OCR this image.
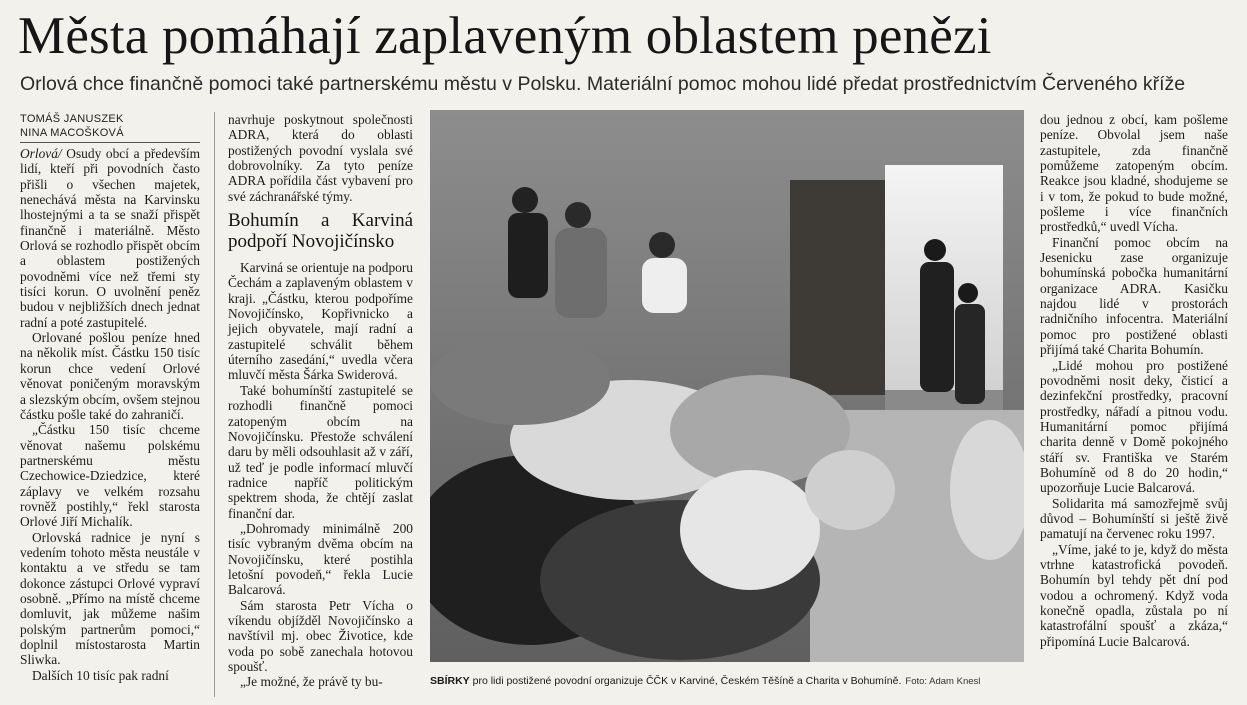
Města pomáhají zaplaveným oblastem penězi
Orlová chce finančně pomoci také partnerskému městu v Polsku. Materiální pomoc mohou lidé předat prostřednictvím Červeného kříže
TOMÁŠ JANUSZEK
NINA MACOŠKOVÁ

Orlová/ Osudy obcí a především lidí, kteří při povodních často přišli o všechen majetek, nenechává města na Karvinsku lhostejnými a ta se snaží přispět finančně i materiálně. Město Orlová se rozhodlo přispět obcím a oblastem postižených povodněmi více než třemi sty tisíci korun. O uvolnění peněz budou v nejbližších dnech jednat radní a poté zastupitelé.

Orlované pošlou peníze hned na několik míst. Částku 150 tisíc korun chce vedení Orlové věnovat poničeným moravským a slezským obcím, ovšem stejnou částku pošle také do zahraničí.

„Částku 150 tisíc chceme věnovat našemu polskému partnerskému městu Czechowice-Dziedzice, které záplavy ve velkém rozsahu rovněž postihly,“ řekl starosta Orlové Jiří Michalík.

Orlovská radnice je nyní s vedením tohoto města neustále v kontaktu a ve středu se tam dokonce zástupci Orlové vypraví osobně. „Přímo na místě chceme domluvit, jak můžeme našim polským partnerům pomoci,“ doplnil místostarosta Martin Sliwka.

Dalších 10 tisíc pak radní

navrhuje poskytnout společnosti ADRA, která do oblasti postižených povodní vyslala své dobrovolníky. Za tyto peníze ADRA pořídila část vybavení pro své záchranářské týmy.

Bohumín a Karviná podpoří Novojičínsko

Karviná se orientuje na podporu Čechám a zaplaveným oblastem v kraji. „Částku, kterou podpoříme Novojičínsko, Kopřivnicko a jejich obyvatele, mají radní a zastupitelé schválit během úterního zasedání,“ uvedla včera mluvčí města Šárka Swiderová.

Také bohumínští zastupitelé se rozhodli finančně pomoci zatopeným obcím na Novojičínsku. Přestože schválení daru by měli odsouhlasit až v září, už teď je podle informací mluvčí radnice napříč politickým spektrem shoda, že chtějí zaslat finanční dar.

„Dohromady minimálně 200 tisíc vybraným dvěma obcím na Novojičínsku, které postihla letošní povodeň,“ řekla Lucie Balcarová.

Sám starosta Petr Vícha o víkendu objížděl Novojičínsko a navštívil mj. obec Životice, kde voda po sobě zanechala hotovou spoušť.

„Je možné, že právě ty bu-	SBÍRKY pro lidi postižené povodní organizuje ČČK v Karviné, Českém Těšíně a Charita v Bohumíně. Foto: Adam Knesl

dou jednou z obcí, kam pošleme peníze. Obvolal jsem naše zastupitele, zda finančně pomůžeme zatopeným obcím. Reakce jsou kladné, shodujeme se i v tom, že pokud to bude možné, pošleme i více finančních prostředků,“ uvedl Vícha.

Finanční pomoc obcím na Jesenicku zase organizuje bohumínská pobočka humanitární organizace ADRA. Kasičku najdou lidé v prostorách radničního infocentra. Materiální pomoc pro postižené oblasti přijímá také Charita Bohumín.

„Lidé mohou pro postižené povodněmi nosit deky, čisticí a dezinfekční prostředky, pracovní prostředky, nářadí a pitnou vodu. Humanitární pomoc přijímá charita denně v Domě pokojného stáří sv. Františka ve Starém Bohumíně od 8 do 20 hodin,“ upozorňuje Lucie Balcarová.

Solidarita má samozřejmě svůj důvod – Bohumínští si ještě živě pamatují na červenec roku 1997.

„Víme, jaké to je, když do města vtrhne katastrofická povodeň. Bohumín byl tehdy pět dní pod vodou a ochromený. Když voda konečně opadla, zůstala po ní katastrofální spoušť a zkáza,“ připomíná Lucie Balcarová.
